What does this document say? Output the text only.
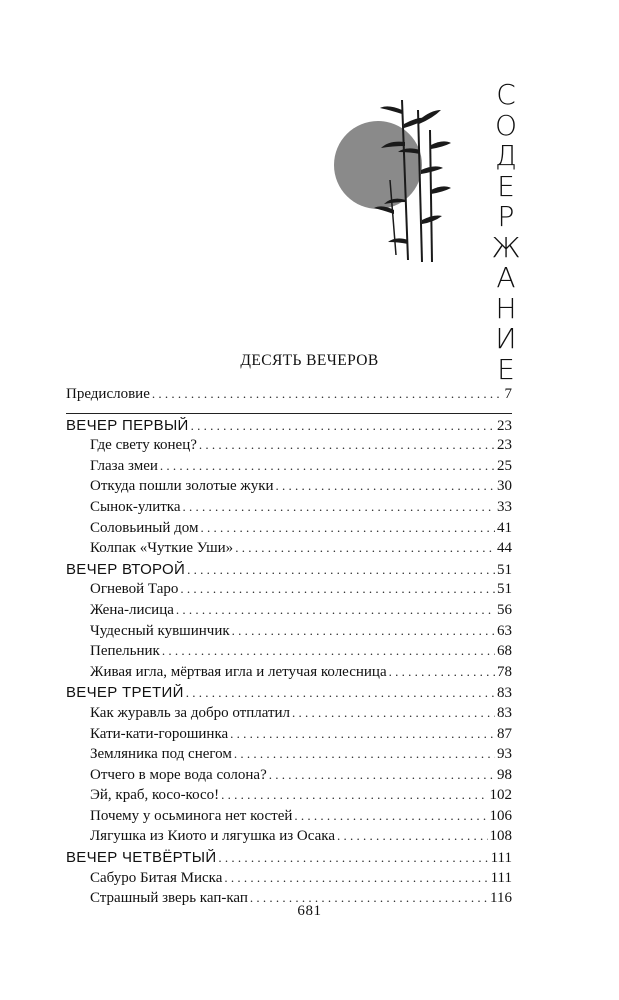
С
О
Д
Е
Р
Ж
А
Н
И
Е
ДЕСЯТЬ ВЕЧЕРОВ
Предисловие . . .	7
ВЕЧЕР ПЕРВЫЙ . . .	23
Где свету конец? . . .	23
Глаза змеи . . .	25
Откуда пошли золотые жуки . . .	30
Сынок-улитка . . .	33
Соловьиный дом . . .	41
Колпак «Чуткие Уши» . . .	44
ВЕЧЕР ВТОРОЙ . . .	51
Огневой Таро . . .	51
Жена-лисица . . .	56
Чудесный кувшинчик . . .	63
Пепельник . . .	68
Живая игла, мёртвая игла и летучая колесница . . .	78
ВЕЧЕР ТРЕТИЙ . . .	83
Как журавль за добро отплатил . . .	83
Кати-кати-горошинка . . .	87
Земляника под снегом . . .	93
Отчего в море вода солона? . . .	98
Эй, краб, косо-косо! . . .	102
Почему у осьминога нет костей . . .	106
Лягушка из Киото и лягушка из Осака . . .	108
ВЕЧЕР ЧЕТВЁРТЫЙ . . .	111
Сабуро Битая Миска . . .	111
Страшный зверь кап-кап . . .	116
681
